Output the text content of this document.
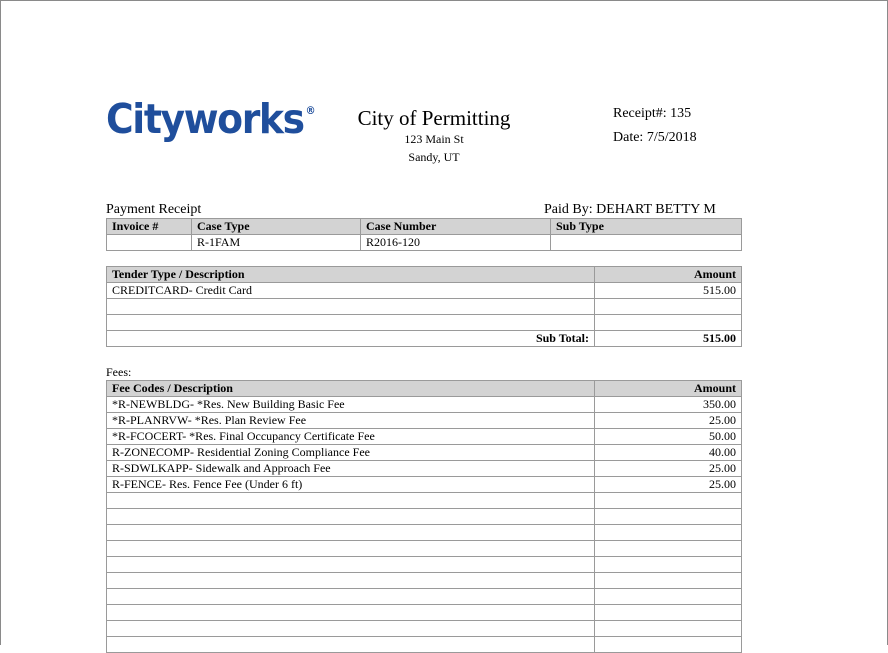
Cityworks ®	City of Permitting
123 Main St
Sandy, UT
Receipt#: 135
Date: 7/5/2018
Payment Receipt	Paid By: DEHART BETTY M
Invoice #	Case Type	Case Number	Sub Type
	R-1FAM	R2016-120	
Tender Type / Description	Amount
CREDITCARD- Credit Card	515.00

Sub Total:	515.00
Fees:
Fee Codes / Description	Amount
*R-NEWBLDG- *Res. New Building Basic Fee	350.00
*R-PLANRVW- *Res. Plan Review Fee	25.00
*R-FCOCERT- *Res. Final Occupancy Certificate Fee	50.00
R-ZONECOMP- Residential Zoning Compliance Fee	40.00
R-SDWLKAPP- Sidewalk and Approach Fee	25.00
R-FENCE- Res. Fence Fee (Under 6 ft)	25.00
